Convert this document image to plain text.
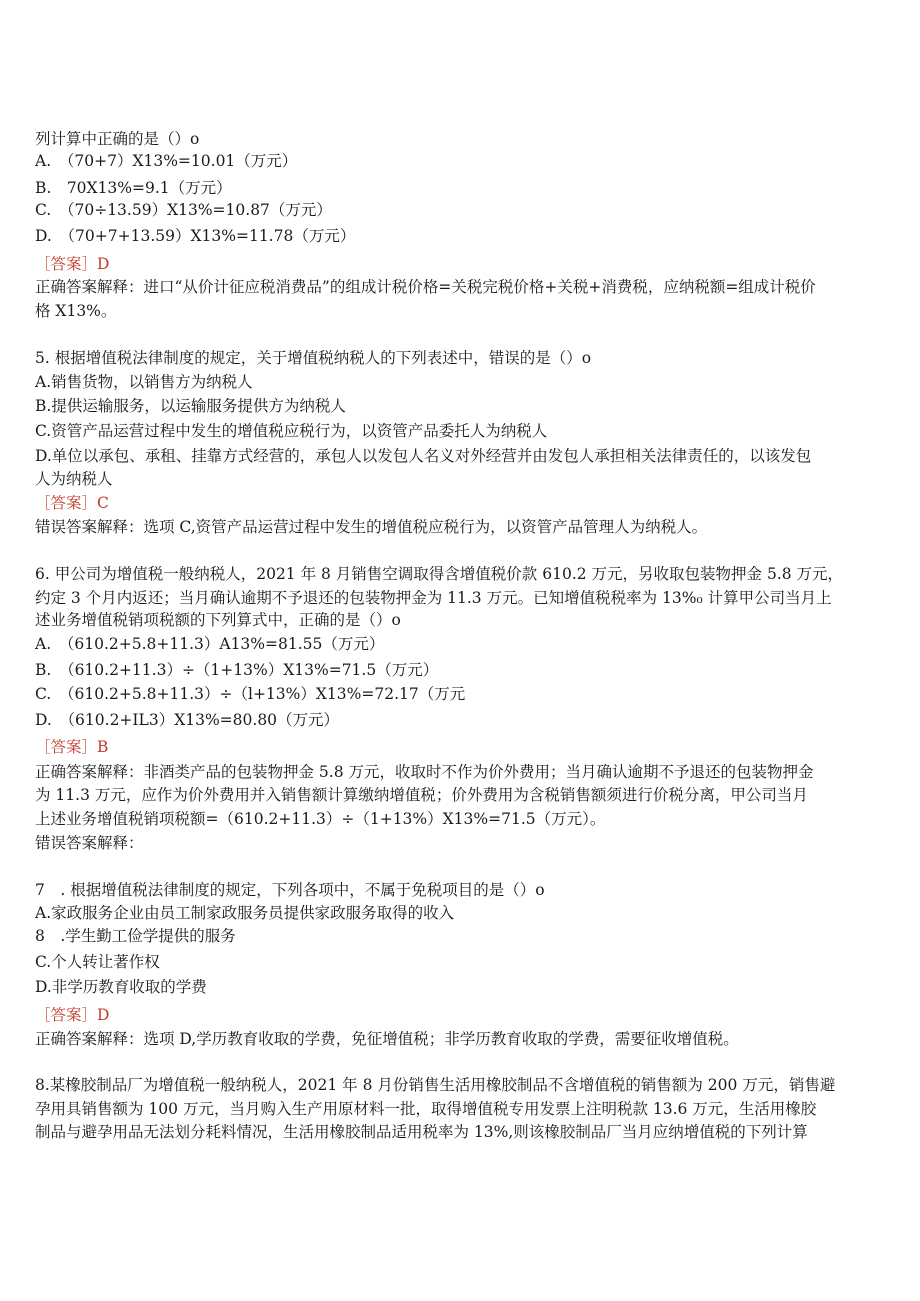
列计算中正确的是（）o
A.　（70+7）X13%=10.01（万元）
B.　70X13%=9.1（万元）
C.　（70÷13.59）X13%=10.87（万元）
D.　（70+7+13.59）X13%=11.78（万元）
［答案］D
正确答案解释：进口“从价计征应税消费品”的组成计税价格=关税完税价格+关税+消费税，应纳税额=组成计税价
格 X13%。
5. 根据增值税法律制度的规定，关于增值税纳税人的下列表述中，错误的是（）o
A.销售货物，以销售方为纳税人
B.提供运输服务，以运输服务提供方为纳税人
C.资管产品运营过程中发生的增值税应税行为，以资管产品委托人为纳税人
D.单位以承包、承租、挂靠方式经营的，承包人以发包人名义对外经营并由发包人承担相关法律责任的，以该发包
人为纳税人
［答案］C
错误答案解释：选项 C,资管产品运营过程中发生的增值税应税行为，以资管产品管理人为纳税人。
6. 甲公司为增值税一般纳税人，2021 年 8 月销售空调取得含增值税价款 610.2 万元，另收取包装物押金 5.8 万元，
约定 3 个月内返还；当月确认逾期不予退还的包装物押金为 11.3 万元。已知增值税税率为 13%₀ 计算甲公司当月上
述业务增值税销项税额的下列算式中，正确的是（）o
A.　（610.2+5.8+11.3）A13%=81.55（万元）
B.　（610.2+11.3）÷（1+13%）X13%=71.5（万元）
C.　（610.2+5.8+11.3）÷（l+13%）X13%=72.17（万元
D.　（610.2+IL3）X13%=80.80（万元）
［答案］B
正确答案解释：非酒类产品的包装物押金 5.8 万元，收取时不作为价外费用；当月确认逾期不予退还的包装物押金
为 11.3 万元，应作为价外费用并入销售额计算缴纳增值税；价外费用为含税销售额须进行价税分离，甲公司当月
上述业务增值税销项税额=（610.2+11.3）÷（1+13%）X13%=71.5（万元）。
错误答案解释：
7　. 根据增值税法律制度的规定，下列各项中，不属于免税项目的是（）o
A.家政服务企业由员工制家政服务员提供家政服务取得的收入
8　.学生勤工俭学提供的服务
C.个人转让著作权
D.非学历教育收取的学费
［答案］D
正确答案解释：选项 D,学历教育收取的学费，免征增值税；非学历教育收取的学费，需要征收增值税。
8.某橡胶制品厂为增值税一般纳税人，2021 年 8 月份销售生活用橡胶制品不含增值税的销售额为 200 万元，销售避
孕用具销售额为 100 万元，当月购入生产用原材料一批，取得增值税专用发票上注明税款 13.6 万元，生活用橡胶
制品与避孕用品无法划分耗料情况，生活用橡胶制品适用税率为 13%,则该橡胶制品厂当月应纳增值税的下列计算
